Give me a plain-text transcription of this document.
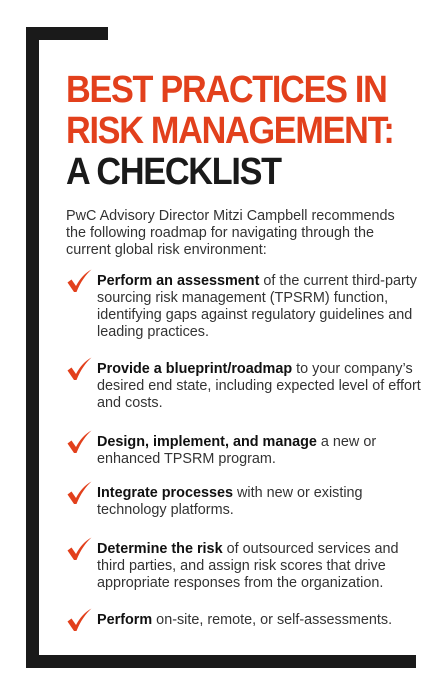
BEST PRACTICES IN
RISK MANAGEMENT:
A CHECKLIST

PwC Advisory Director Mitzi Campbell recommends the following roadmap for navigating through the current global risk environment:

Perform an assessment of the current third-party sourcing risk management (TPSRM) function, identifying gaps against regulatory guidelines and leading practices.
Provide a blueprint/roadmap to your company’s desired end state, including expected level of effort and costs.
Design, implement, and manage a new or enhanced TPSRM program.
Integrate processes with new or existing technology platforms.
Determine the risk of outsourced services and third parties, and assign risk scores that drive appropriate responses from the organization.
Perform on-site, remote, or self-assessments.
